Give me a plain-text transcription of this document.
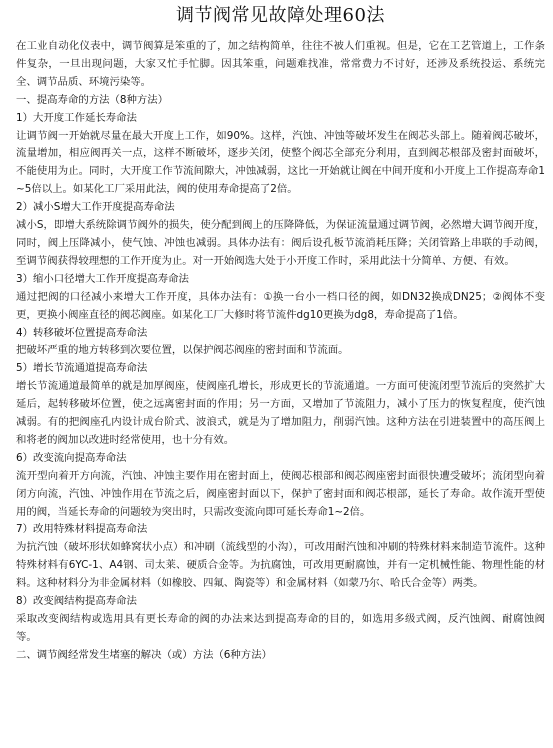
调节阀常见故障处理60法

在工业自动化仪表中，调节阀算是笨重的了，加之结构简单，往往不被人们重视。但是，它在工艺管道上，工作条件复杂，一旦出现问题，大家又忙手忙脚。因其笨重，问题难找准，常常费力不讨好，还涉及系统投运、系统完全、调节品质、环境污染等。

一、提高寿命的方法（8种方法）

1）大开度工作延长寿命法

让调节阀一开始就尽量在最大开度上工作，如90%。这样，汽蚀、冲蚀等破坏发生在阀芯头部上。随着阀芯破坏，流量增加，相应阀再关一点，这样不断破坏，逐步关闭，使整个阀芯全部充分利用，直到阀芯根部及密封面破坏，不能使用为止。同时，大开度工作节流间隙大，冲蚀减弱，这比一开始就让阀在中间开度和小开度上工作提高寿命1~5倍以上。如某化工厂采用此法，阀的使用寿命提高了2倍。

2）减小S增大工作开度提高寿命法

减小S，即增大系统除调节阀外的损失，使分配到阀上的压降降低，为保证流量通过调节阀，必然增大调节阀开度，同时，阀上压降减小，使气蚀、冲蚀也减弱。具体办法有：阀后设孔板节流消耗压降；关闭管路上串联的手动阀，至调节阀获得较理想的工作开度为止。对一开始阀选大处于小开度工作时，采用此法十分简单、方便、有效。

3）缩小口径增大工作开度提高寿命法

通过把阀的口径减小来增大工作开度，具体办法有：①换一台小一档口径的阀，如DN32换成DN25；②阀体不变更，更换小阀座直径的阀芯阀座。如某化工厂大修时将节流件dg10更换为dg8，寿命提高了1倍。

4）转移破坏位置提高寿命法

把破坏严重的地方转移到次要位置，以保护阀芯阀座的密封面和节流面。

5）增长节流通道提高寿命法

增长节流通道最简单的就是加厚阀座，使阀座孔增长，形成更长的节流通道。一方面可使流闭型节流后的突然扩大延后，起转移破坏位置，使之远离密封面的作用；另一方面，又增加了节流阻力，减小了压力的恢复程度，使汽蚀减弱。有的把阀座孔内设计成台阶式、波浪式，就是为了增加阻力，削弱汽蚀。这种方法在引进装置中的高压阀上和将老的阀加以改进时经常使用，也十分有效。

6）改变流向提高寿命法

流开型向着开方向流，汽蚀、冲蚀主要作用在密封面上，使阀芯根部和阀芯阀座密封面很快遭受破坏；流闭型向着闭方向流，汽蚀、冲蚀作用在节流之后，阀座密封面以下，保护了密封面和阀芯根部，延长了寿命。故作流开型使用的阀，当延长寿命的问题较为突出时，只需改变流向即可延长寿命1~2倍。

7）改用特殊材料提高寿命法

为抗汽蚀（破坏形状如蜂窝状小点）和冲刷（流线型的小沟），可改用耐汽蚀和冲刷的特殊材料来制造节流件。这种特殊材料有6YC-1、A4钢、司太莱、硬质合金等。为抗腐蚀，可改用更耐腐蚀，并有一定机械性能、物理性能的材料。这种材料分为非金属材料（如橡胶、四氟、陶瓷等）和金属材料（如蒙乃尔、哈氏合金等）两类。

8）改变阀结构提高寿命法

采取改变阀结构或选用具有更长寿命的阀的办法来达到提高寿命的目的，如选用多级式阀，反汽蚀阀、耐腐蚀阀等。

二、调节阀经常发生堵塞的解决（或）方法（6种方法）
